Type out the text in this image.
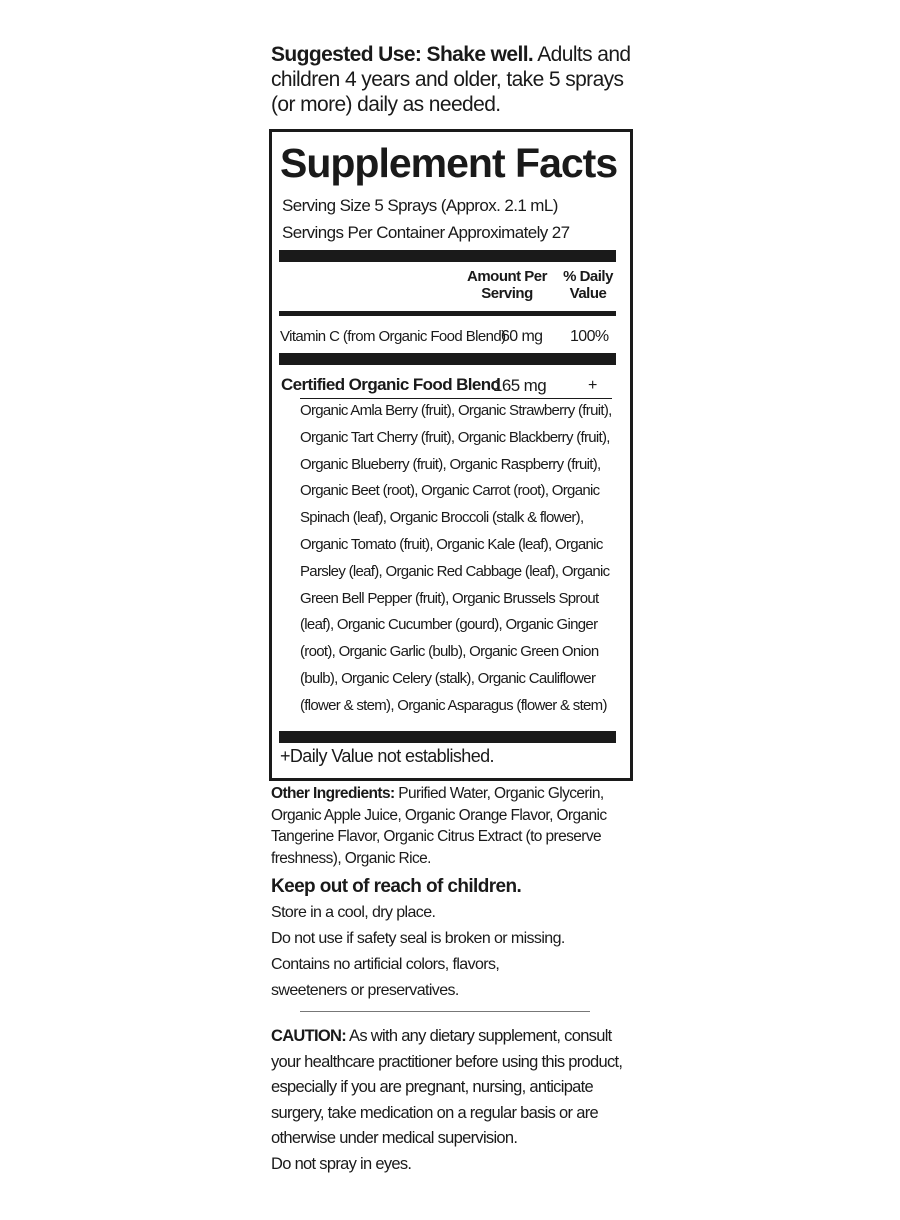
Suggested Use: Shake well. Adults and children 4 years and older, take 5 sprays (or more) daily as needed.
Supplement Facts
Serving Size 5 Sprays (Approx. 2.1 mL)
Servings Per Container Approximately 27
Amount Per Serving
% Daily Value
Vitamin C (from Organic Food Blend)
60 mg 100%
Certified Organic Food Blend
165 mg	+
Organic Amla Berry (fruit), Organic Strawberry (fruit),
Organic Tart Cherry (fruit), Organic Blackberry (fruit),
Organic Blueberry (fruit), Organic Raspberry (fruit),
Organic Beet (root), Organic Carrot (root), Organic
Spinach (leaf), Organic Broccoli (stalk & flower),
Organic Tomato (fruit), Organic Kale (leaf), Organic
Parsley (leaf), Organic Red Cabbage (leaf), Organic
Green Bell Pepper (fruit), Organic Brussels Sprout
(leaf), Organic Cucumber (gourd), Organic Ginger
(root), Organic Garlic (bulb), Organic Green Onion
(bulb), Organic Celery (stalk), Organic Cauliflower
(flower & stem), Organic Asparagus (flower & stem)
+Daily Value not established.
Other Ingredients: Purified Water, Organic Glycerin, Organic Apple Juice, Organic Orange Flavor, Organic Tangerine Flavor, Organic Citrus Extract (to preserve freshness), Organic Rice.
Keep out of reach of children.
Store in a cool, dry place.
Do not use if safety seal is broken or missing.
Contains no artificial colors, flavors,
sweeteners or preservatives.
CAUTION: As with any dietary supplement, consult your healthcare practitioner before using this product, especially if you are pregnant, nursing, anticipate surgery, take medication on a regular basis or are otherwise under medical supervision.
Do not spray in eyes.
